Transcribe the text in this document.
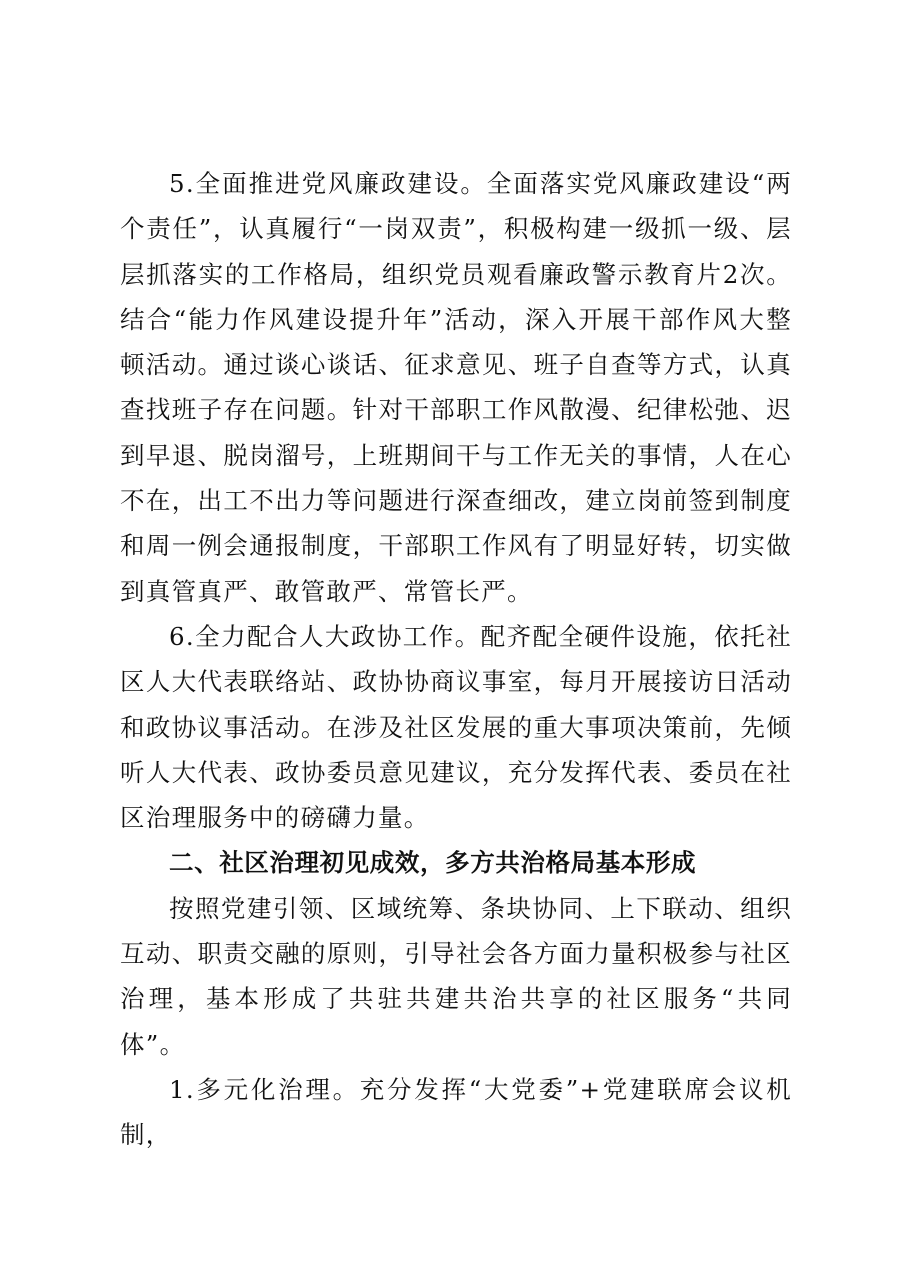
5.全面推进党风廉政建设。全面落实党风廉政建设“两个责任”，认真履行“一岗双责”，积极构建一级抓一级、层层抓落实的工作格局，组织党员观看廉政警示教育片2次。结合“能力作风建设提升年”活动，深入开展干部作风大整顿活动。通过谈心谈话、征求意见、班子自查等方式，认真查找班子存在问题。针对干部职工作风散漫、纪律松弛、迟到早退、脱岗溜号，上班期间干与工作无关的事情，人在心不在，出工不出力等问题进行深查细改，建立岗前签到制度和周一例会通报制度，干部职工作风有了明显好转，切实做到真管真严、敢管敢严、常管长严。

6.全力配合人大政协工作。配齐配全硬件设施，依托社区人大代表联络站、政协协商议事室，每月开展接访日活动和政协议事活动。在涉及社区发展的重大事项决策前，先倾听人大代表、政协委员意见建议，充分发挥代表、委员在社区治理服务中的磅礴力量。

二、社区治理初见成效，多方共治格局基本形成

按照党建引领、区域统筹、条块协同、上下联动、组织互动、职责交融的原则，引导社会各方面力量积极参与社区治理，基本形成了共驻共建共治共享的社区服务“共同体”。

1.多元化治理。充分发挥“大党委”+党建联席会议机制，
